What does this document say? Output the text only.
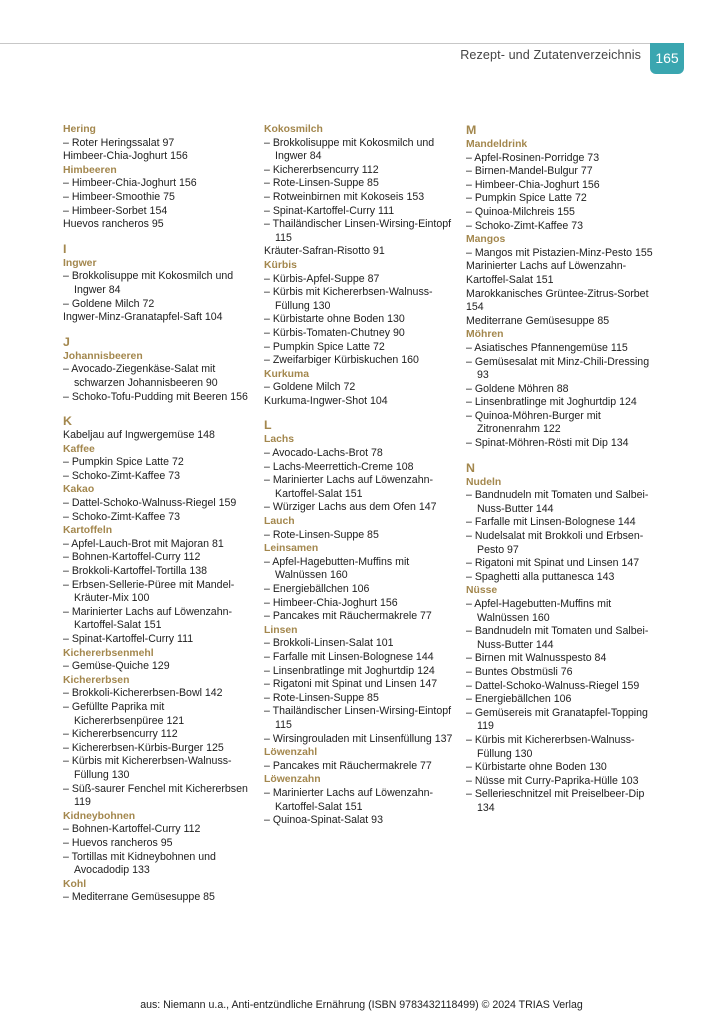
Rezept- und Zutatenverzeichnis	165
Hering
– Roter Heringssalat 97
Himbeer-Chia-Joghurt 156
Himbeeren
– Himbeer-Chia-Joghurt 156
– Himbeer-Smoothie 75
– Himbeer-Sorbet 154
Huevos rancheros 95
I
Ingwer
– Brokkolisuppe mit Kokosmilch und Ingwer 84
– Goldene Milch 72
Ingwer-Minz-Granatapfel-Saft 104
J
Johannisbeeren
– Avocado-Ziegenkäse-Salat mit schwarzen Johannisbeeren 90
– Schoko-Tofu-Pudding mit Beeren 156
K
Kabeljau auf Ingwergemüse 148
Kaffee
– Pumpkin Spice Latte 72
– Schoko-Zimt-Kaffee 73
Kakao
– Dattel-Schoko-Walnuss-Riegel 159
– Schoko-Zimt-Kaffee 73
Kartoffeln
– Apfel-Lauch-Brot mit Majoran 81
– Bohnen-Kartoffel-Curry 112
– Brokkoli-Kartoffel-Tortilla 138
– Erbsen-Sellerie-Püree mit Mandel-Kräuter-Mix 100
– Marinierter Lachs auf Löwenzahn-Kartoffel-Salat 151
– Spinat-Kartoffel-Curry 111
Kichererbsenmehl
– Gemüse-Quiche 129
Kichererbsen
– Brokkoli-Kichererbsen-Bowl 142
– Gefüllte Paprika mit Kichererbsenpüree 121
– Kichererbsencurry 112
– Kichererbsen-Kürbis-Burger 125
– Kürbis mit Kichererbsen-Walnuss-Füllung 130
– Süß-saurer Fenchel mit Kichererbsen 119
Kidneybohnen
– Bohnen-Kartoffel-Curry 112
– Huevos rancheros 95
– Tortillas mit Kidneybohnen und Avocadodip 133
Kohl
– Mediterrane Gemüsesuppe 85
Kokosmilch
– Brokkolisuppe mit Kokosmilch und Ingwer 84
– Kichererbsencurry 112
– Rote-Linsen-Suppe 85
– Rotweinbirnen mit Kokoseis 153
– Spinat-Kartoffel-Curry 111
– Thailändischer Linsen-Wirsing-Eintopf 115
Kräuter-Safran-Risotto 91
Kürbis
– Kürbis-Apfel-Suppe 87
– Kürbis mit Kichererbsen-Walnuss-Füllung 130
– Kürbistarte ohne Boden 130
– Kürbis-Tomaten-Chutney 90
– Pumpkin Spice Latte 72
– Zweifarbiger Kürbiskuchen 160
Kurkuma
– Goldene Milch 72
Kurkuma-Ingwer-Shot 104
L
Lachs
– Avocado-Lachs-Brot 78
– Lachs-Meerrettich-Creme 108
– Marinierter Lachs auf Löwenzahn-Kartoffel-Salat 151
– Würziger Lachs aus dem Ofen 147
Lauch
– Rote-Linsen-Suppe 85
Leinsamen
– Apfel-Hagebutten-Muffins mit Walnüssen 160
– Energiebällchen 106
– Himbeer-Chia-Joghurt 156
– Pancakes mit Räuchermakrele 77
Linsen
– Brokkoli-Linsen-Salat 101
– Farfalle mit Linsen-Bolognese 144
– Linsenbratlinge mit Joghurtdip 124
– Rigatoni mit Spinat und Linsen 147
– Rote-Linsen-Suppe 85
– Thailändischer Linsen-Wirsing-Eintopf 115
– Wirsingrouladen mit Linsenfüllung 137
Löwenzahl
– Pancakes mit Räuchermakrele 77
Löwenzahn
– Marinierter Lachs auf Löwenzahn-Kartoffel-Salat 151
– Quinoa-Spinat-Salat 93
M
Mandeldrink
– Apfel-Rosinen-Porridge 73
– Birnen-Mandel-Bulgur 77
– Himbeer-Chia-Joghurt 156
– Pumpkin Spice Latte 72
– Quinoa-Milchreis 155
– Schoko-Zimt-Kaffee 73
Mangos
– Mangos mit Pistazien-Minz-Pesto 155
Marinierter Lachs auf Löwenzahn-Kartoffel-Salat 151
Marokkanisches Grüntee-Zitrus-Sorbet 154
Mediterrane Gemüsesuppe 85
Möhren
– Asiatisches Pfannengemüse 115
– Gemüsesalat mit Minz-Chili-Dressing 93
– Goldene Möhren 88
– Linsenbratlinge mit Joghurtdip 124
– Quinoa-Möhren-Burger mit Zitronenrahm 122
– Spinat-Möhren-Rösti mit Dip 134
N
Nudeln
– Bandnudeln mit Tomaten und Salbei-Nuss-Butter 144
– Farfalle mit Linsen-Bolognese 144
– Nudelsalat mit Brokkoli und Erbsen-Pesto 97
– Rigatoni mit Spinat und Linsen 147
– Spaghetti alla puttanesca 143
Nüsse
– Apfel-Hagebutten-Muffins mit Walnüssen 160
– Bandnudeln mit Tomaten und Salbei-Nuss-Butter 144
– Birnen mit Walnusspesto 84
– Buntes Obstmüsli 76
– Dattel-Schoko-Walnuss-Riegel 159
– Energiebällchen 106
– Gemüsereis mit Granatapfel-Topping 119
– Kürbis mit Kichererbsen-Walnuss-Füllung 130
– Kürbistarte ohne Boden 130
– Nüsse mit Curry-Paprika-Hülle 103
– Sellerieschnitzel mit Preiselbeer-Dip 134
aus: Niemann u.a., Anti-entzündliche Ernährung (ISBN 9783432118499) © 2024 TRIAS Verlag
